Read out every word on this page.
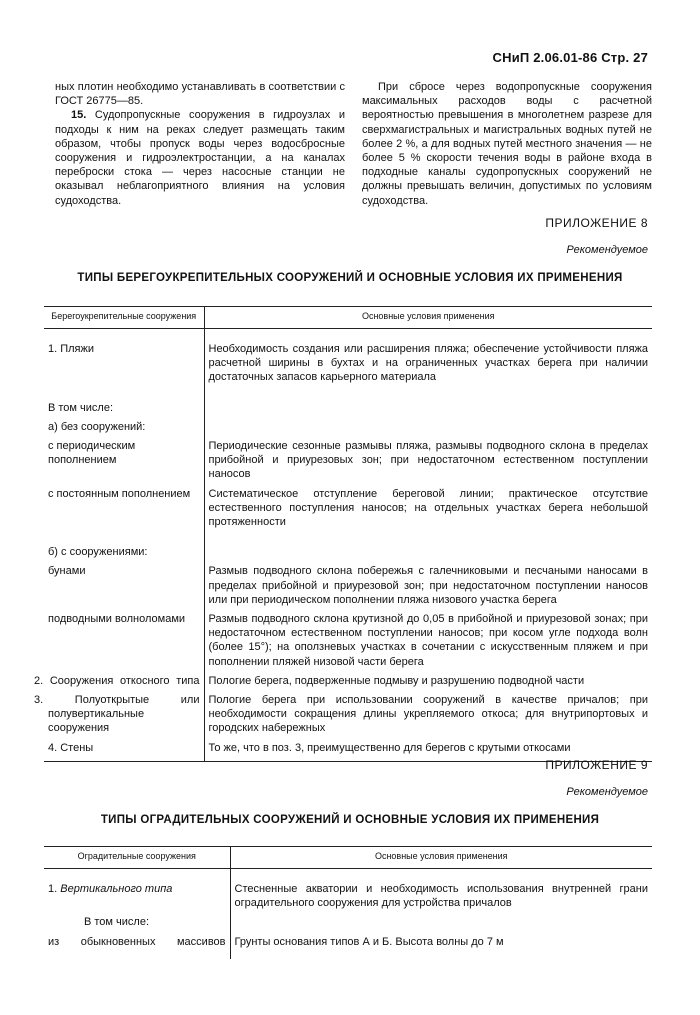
СНиП 2.06.01-86 Стр. 27

ных плотин необходимо устанавливать в соответствии с ГОСТ 26775—85.

15. Судопропускные сооружения в гидроузлах и подходы к ним на реках следует размещать таким образом, чтобы пропуск воды через водосбросные сооружения и гидроэлектростанции, а на каналах переброски стока — через насосные станции не оказывал неблагоприятного влияния на условия судоходства.

При сбросе через водопропускные сооружения максимальных расходов воды с расчетной вероятностью превышения в многолетнем разрезе для сверхмагистральных и магистральных водных путей не более 2 %, а для водных путей местного значения — не более 5 % скорости течения воды в районе входа в подходные каналы судопропускных сооружений не должны превышать величин, допустимых по условиям судоходства.

ПРИЛОЖЕНИЕ 8
Рекомендуемое
ТИПЫ БЕРЕГОУКРЕПИТЕЛЬНЫХ СООРУЖЕНИЙ И ОСНОВНЫЕ УСЛОВИЯ ИХ ПРИМЕНЕНИЯ
Берегоукрепительные сооружения	Основные условия применения

1. Пляжи	Необходимость создания или расширения пляжа; обеспечение устойчивости пляжа расчетной ширины в бухтах и на ограниченных участках берега при наличии достаточных запасов карьерного материала

В том числе:	
а) без сооружений:	
с периодическим пополнением	Периодические сезонные размывы пляжа, размывы подводного склона в пределах прибойной и приурезовых зон; при недостаточном естественном поступлении наносов
с постоянным пополнением	Систематическое отступление береговой линии; практическое отсутствие естественного поступления наносов; на отдельных участках берега небольшой протяженности

б) с сооружениями:	
бунами	Размыв подводного склона побережья с галечниковыми и песчаными наносами в пределах прибойной и приурезовой зон; при недостаточном поступлении наносов или при периодическом пополнении пляжа низового участка берега
подводными волноломами	Размыв подводного склона крутизной до 0,05 в прибойной и приурезовой зонах; при недостаточном естественном поступлении наносов; при косом угле подхода волн (более 15°); на оползневых участках в сочетании с искусственным пляжем и при пополнении пляжей низовой части берега
2. Сооружения откосного типа	Пологие берега, подверженные подмыву и разрушению подводной части
3. Полуоткрытые или полувертикальные сооружения	Пологие берега при использовании сооружений в качестве причалов; при необходимости сокращения длины укрепляемого откоса; для внутрипортовых и городских набережных
4. Стены	То же, что в поз. 3, преимущественно для берегов с крутыми откосами
ПРИЛОЖЕНИЕ 9
Рекомендуемое
ТИПЫ ОГРАДИТЕЛЬНЫХ СООРУЖЕНИЙ И ОСНОВНЫЕ УСЛОВИЯ ИХ ПРИМЕНЕНИЯ
Оградительные сооружения	Основные условия применения

1. Вертикального типа	Стесненные акватории и необходимость использования внутренней грани оградительного сооружения для устройства причалов
В том числе:	
из обыкновенных массивов	Грунты основания типов А и Б. Высота волны до 7 м
